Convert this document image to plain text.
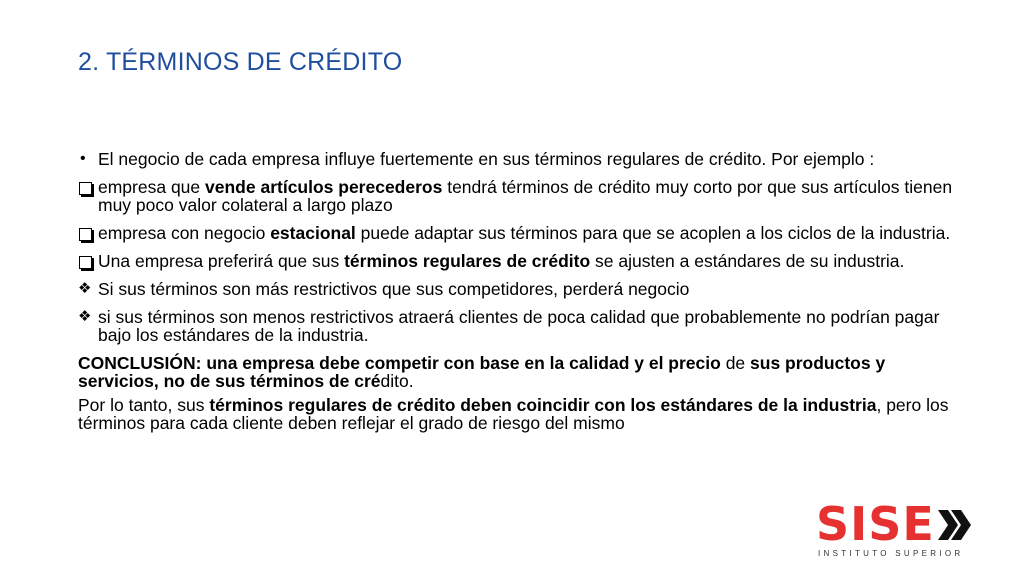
2. TÉRMINOS DE CRÉDITO
• El negocio de cada empresa influye fuertemente en sus términos regulares de crédito. Por ejemplo :
empresa que vende artículos perecederos tendrá términos de crédito muy corto por que sus artículos tienen muy poco valor colateral a largo plazo
empresa con negocio estacional puede adaptar sus términos para que se acoplen a los ciclos de la industria.
Una empresa preferirá que sus términos regulares de crédito se ajusten a estándares de su industria.
❖ Si sus términos son más restrictivos que sus competidores, perderá negocio
❖ si sus términos son menos restrictivos atraerá clientes de poca calidad que probablemente no podrían pagar bajo los estándares de la industria.
CONCLUSIÓN: una empresa debe competir con base en la calidad y el precio de sus productos y servicios, no de sus términos de crédito.
Por lo tanto, sus términos regulares de crédito deben coincidir con los estándares de la industria, pero los términos para cada cliente deben reflejar el grado de riesgo del mismo
SISE
INSTITUTO SUPERIOR
